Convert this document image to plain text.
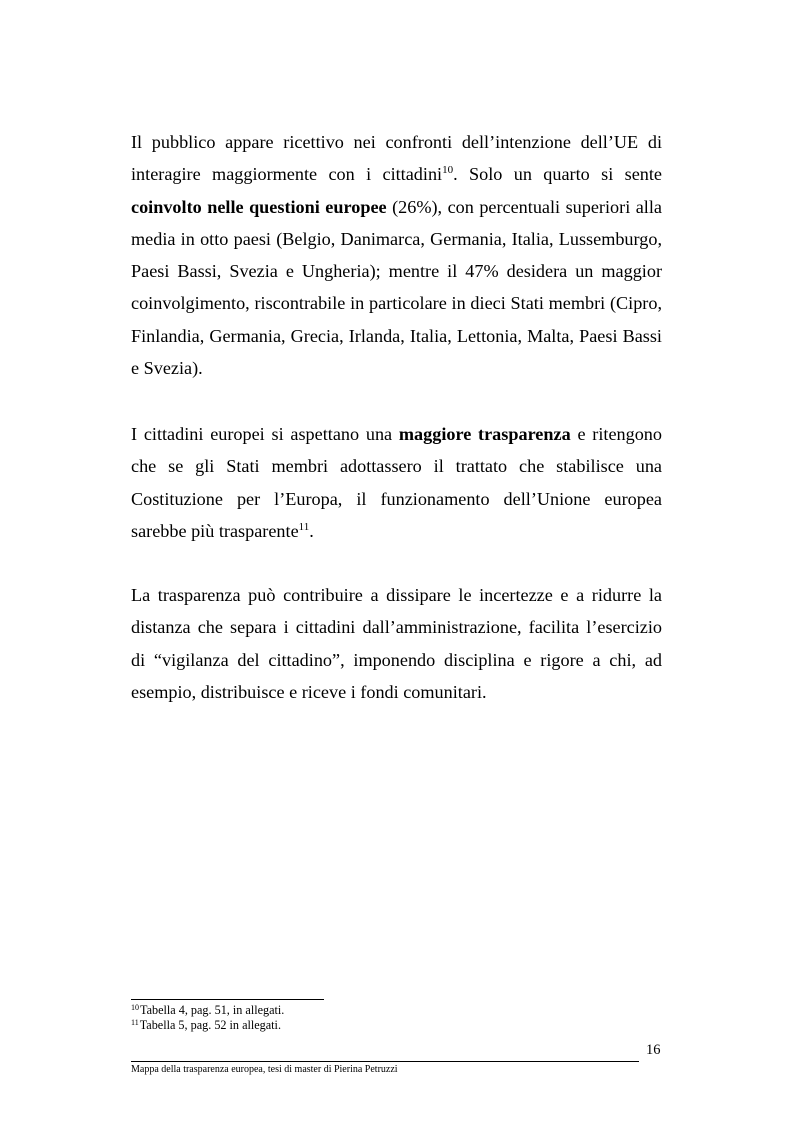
Il pubblico appare ricettivo nei confronti dell’intenzione dell’UE di interagire maggiormente con i cittadini$^{10}$. Solo un quarto si sente coinvolto nelle questioni europee (26%), con percentuali superiori alla media in otto paesi (Belgio, Danimarca, Germania, Italia, Lussemburgo, Paesi Bassi, Svezia e Ungheria); mentre il 47% desidera un maggior coinvolgimento, riscontrabile in particolare in dieci Stati membri (Cipro, Finlandia, Germania, Grecia, Irlanda, Italia, Lettonia, Malta, Paesi Bassi e Svezia).

I cittadini europei si aspettano una maggiore trasparenza e ritengono che se gli Stati membri adottassero il trattato che stabilisce una Costituzione per l’Europa, il funzionamento dell’Unione europea sarebbe più trasparente$^{11}$.

La trasparenza può contribuire a dissipare le incertezze e a ridurre la distanza che separa i cittadini dall’amministrazione, facilita l’esercizio di “vigilanza del cittadino”, imponendo disciplina e rigore a chi, ad esempio, distribuisce e riceve i fondi comunitari.

$^{10}$Tabella 4, pag. 51, in allegati.
$^{11}$Tabella 5, pag. 52 in allegati.
16
Mappa della trasparenza europea, tesi di master di Pierina Petruzzi
